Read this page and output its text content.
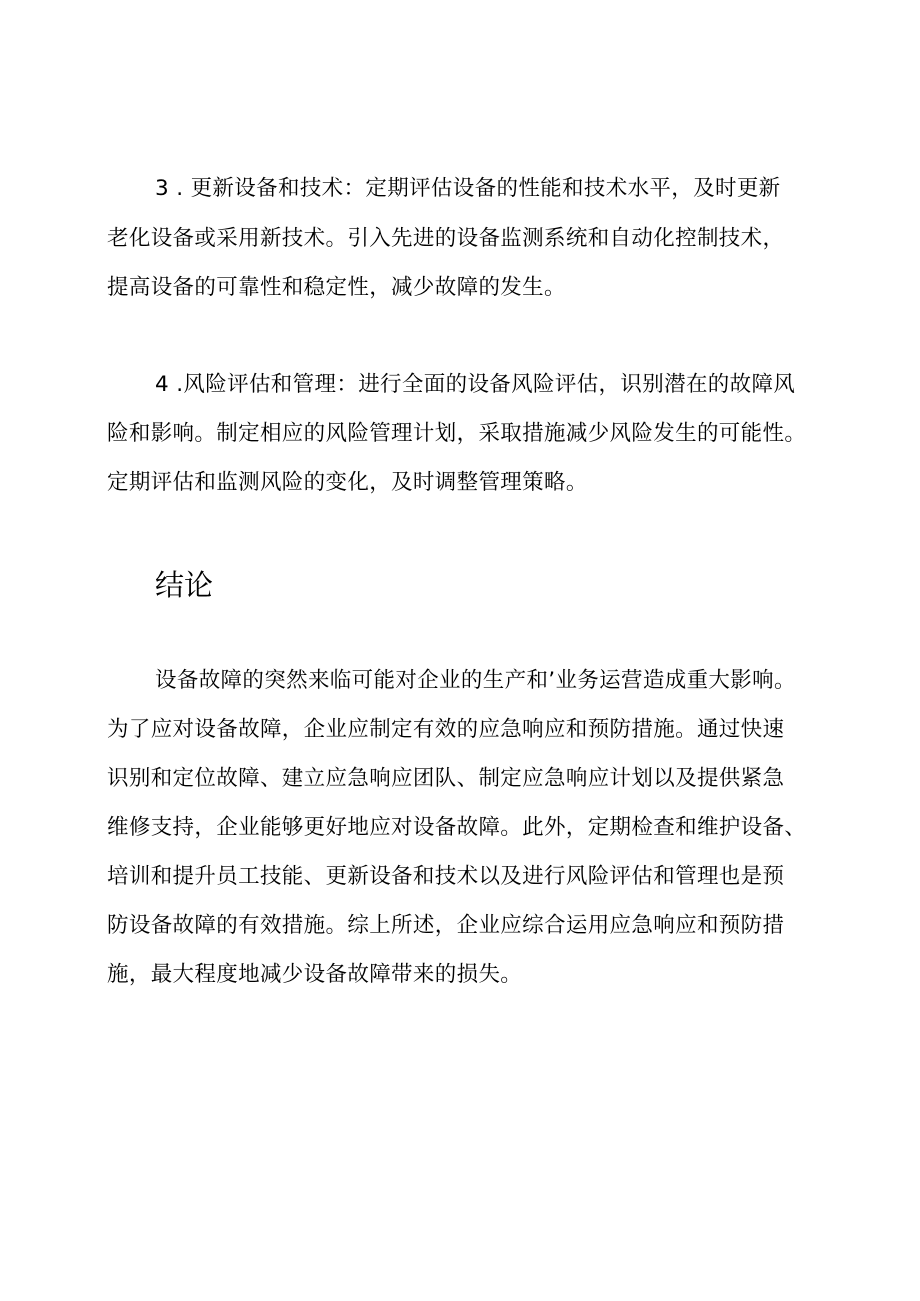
3 . 更新设备和技术：定期评估设备的性能和技术水平，及时更新

老化设备或采用新技术。引入先进的设备监测系统和自动化控制技术，

提高设备的可靠性和稳定性，减少故障的发生。

4 .风险评估和管理：进行全面的设备风险评估，识别潜在的故障风

险和影响。制定相应的风险管理计划，采取措施减少风险发生的可能性。

定期评估和监测风险的变化，及时调整管理策略。

结论

设备故障的突然来临可能对企业的生产和’业务运营造成重大影响。

为了应对设备故障，企业应制定有效的应急响应和预防措施。通过快速

识别和定位故障、建立应急响应团队、制定应急响应计划以及提供紧急

维修支持，企业能够更好地应对设备故障。此外，定期检查和维护设备、

培训和提升员工技能、更新设备和技术以及进行风险评估和管理也是预

防设备故障的有效措施。综上所述，企业应综合运用应急响应和预防措

施，最大程度地减少设备故障带来的损失。
